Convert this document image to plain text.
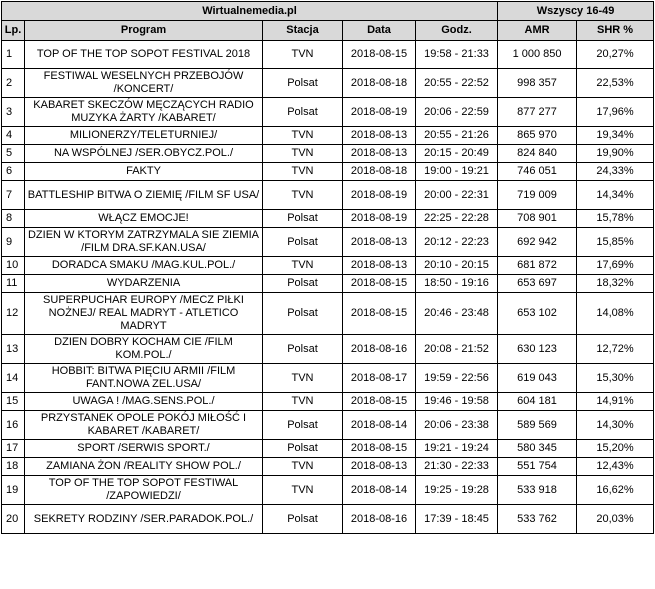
Wirtualnemedia.pl					Wszyscy 16-49	
Lp.	Program	Stacja	Data	Godz.	AMR	SHR %
1	TOP OF THE TOP SOPOT FESTIVAL 2018	TVN	2018-08-15	19:58 - 21:33	1 000 850	20,27%
2	FESTIWAL WESELNYCH PRZEBOJÓW /KONCERT/	Polsat	2018-08-18	20:55 - 22:52	998 357	22,53%
3	KABARET SKECZÓW MĘCZĄCYCH RADIO MUZYKA ŻARTY /KABARET/	Polsat	2018-08-19	20:06 - 22:59	877 277	17,96%
4	MILIONERZY/TELETURNIEJ/	TVN	2018-08-13	20:55 - 21:26	865 970	19,34%
5	NA WSPÓLNEJ /SER.OBYCZ.POL./	TVN	2018-08-13	20:15 - 20:49	824 840	19,90%
6	FAKTY	TVN	2018-08-18	19:00 - 19:21	746 051	24,33%
7	BATTLESHIP BITWA O ZIEMIĘ /FILM SF USA/	TVN	2018-08-19	20:00 - 22:31	719 009	14,34%
8	WŁĄCZ EMOCJE!	Polsat	2018-08-19	22:25 - 22:28	708 901	15,78%
9	DZIEN W KTORYM ZATRZYMALA SIE ZIEMIA /FILM DRA.SF.KAN.USA/	Polsat	2018-08-13	20:12 - 22:23	692 942	15,85%
10	DORADCA SMAKU /MAG.KUL.POL./	TVN	2018-08-13	20:10 - 20:15	681 872	17,69%
11	WYDARZENIA	Polsat	2018-08-15	18:50 - 19:16	653 697	18,32%
12	SUPERPUCHAR EUROPY /MECZ PIŁKI NOŻNEJ/ REAL MADRYT - ATLETICO MADRYT	Polsat	2018-08-15	20:46 - 23:48	653 102	14,08%
13	DZIEN DOBRY KOCHAM CIE /FILM KOM.POL./	Polsat	2018-08-16	20:08 - 21:52	630 123	12,72%
14	HOBBIT: BITWA PIĘCIU ARMII /FILM FANT.NOWA ZEL.USA/	TVN	2018-08-17	19:59 - 22:56	619 043	15,30%
15	UWAGA ! /MAG.SENS.POL./	TVN	2018-08-15	19:46 - 19:58	604 181	14,91%
16	PRZYSTANEK OPOLE POKÓJ MIŁOŚĆ I KABARET /KABARET/	Polsat	2018-08-14	20:06 - 23:38	589 569	14,30%
17	SPORT /SERWIS SPORT./	Polsat	2018-08-15	19:21 - 19:24	580 345	15,20%
18	ZAMIANA ŻON /REALITY SHOW POL./	TVN	2018-08-13	21:30 - 22:33	551 754	12,43%
19	TOP OF THE TOP SOPOT FESTIWAL /ZAPOWIEDZI/	TVN	2018-08-14	19:25 - 19:28	533 918	16,62%
20	SEKRETY RODZINY /SER.PARADOK.POL./	Polsat	2018-08-16	17:39 - 18:45	533 762	20,03%
